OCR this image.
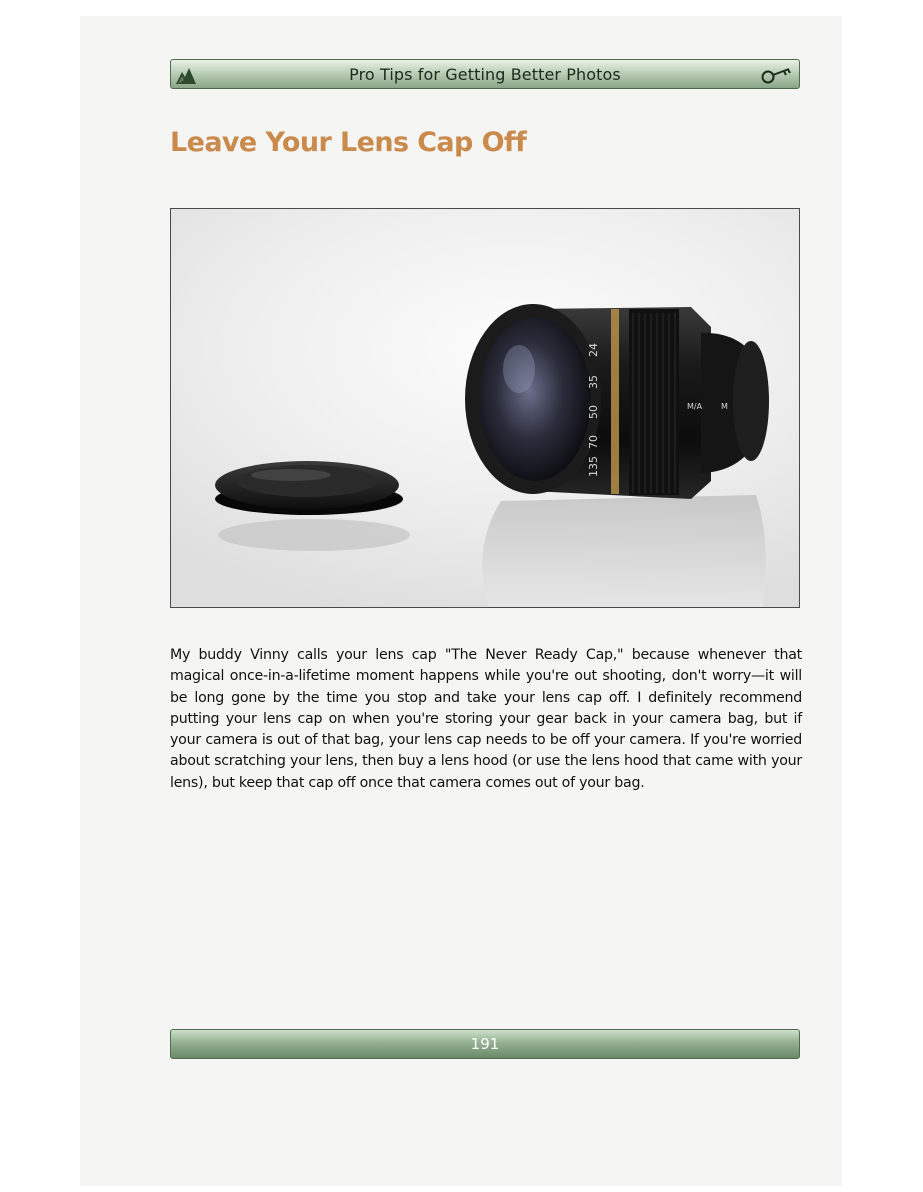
Pro Tips for Getting Better Photos
Leave Your Lens Cap Off
24
35
50
70
135
M/A M

My buddy Vinny calls your lens cap "The Never Ready Cap," because whenever that magical once-in-a-lifetime moment happens while you're out shooting, don't worry—it will be long gone by the time you stop and take your lens cap off. I definitely recommend putting your lens cap on when you're storing your gear back in your camera bag, but if your camera is out of that bag, your lens cap needs to be off your camera. If you're worried about scratching your lens, then buy a lens hood (or use the lens hood that came with your lens), but keep that cap off once that camera comes out of your bag.

191
